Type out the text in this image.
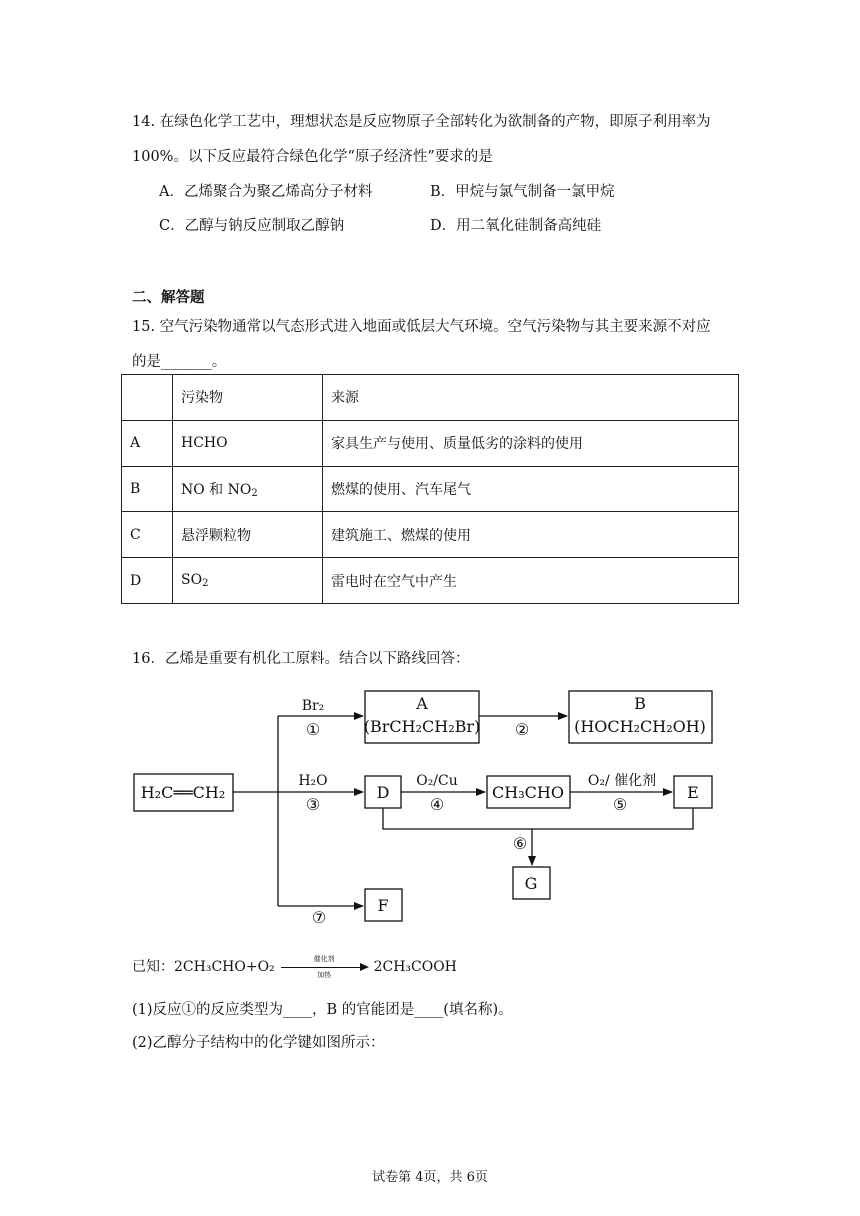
14. 在绿色化学工艺中，理想状态是反应物原子全部转化为欲制备的产物，即原子利用率为
100%。以下反应最符合绿色化学“原子经济性”要求的是
A．乙烯聚合为聚乙烯高分子材料	B．甲烷与氯气制备一氯甲烷
C．乙醇与钠反应制取乙醇钠	D．用二氧化硅制备高纯硅
二、解答题
15. 空气污染物通常以气态形式进入地面或低层大气环境。空气污染物与其主要来源不对应
的是_______。
	污染物	来源
A	HCHO	家具生产与使用、质量低劣的涂料的使用
B	NO 和 $NO_2$	燃煤的使用、汽车尾气
C	悬浮颗粒物	建筑施工、燃煤的使用
D	$SO_2$	雷电时在空气中产生
16．乙烯是重要有机化工原料。结合以下路线回答：
H₂C══CH₂
Br₂
①
A
(BrCH₂CH₂Br) ②
B
(HOCH₂CH₂OH)
H₂O
③
D
O₂/Cu
④
CH₃CHO
O₂/ 催化剂
⑤
E
⑥
G
⑦
F
已知：2CH₃CHO+O₂	催化剂
加热	2CH₃COOH
(1)反应①的反应类型为____，B 的官能团是____(填名称)。
(2)乙醇分子结构中的化学键如图所示：
试卷第 4页，共 6页
